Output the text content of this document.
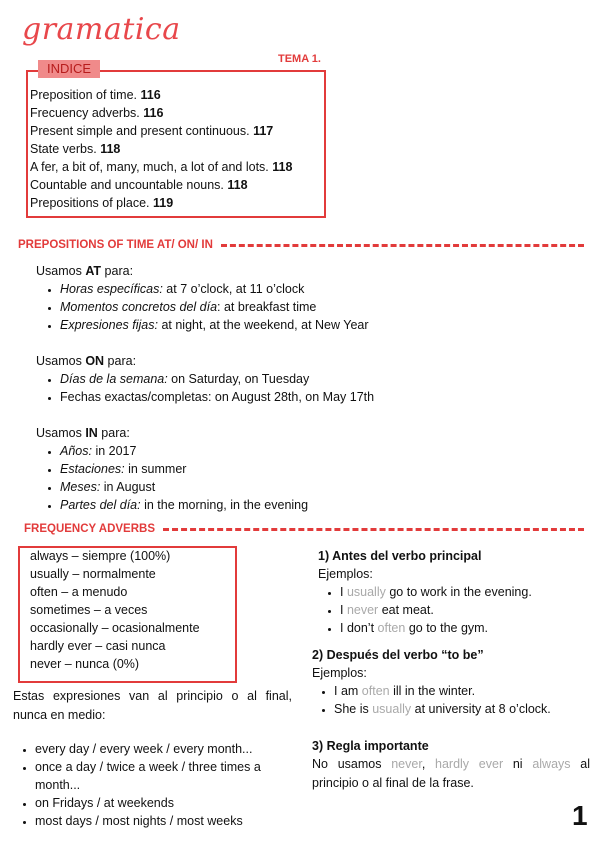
gramatica
TEMA 1.
INDICE
Preposition of time. 116
Frecuency adverbs. 116
Present simple and present continuous. 117
State verbs. 118
A fer, a bit of, many, much, a lot of and lots. 118
Countable and uncountable nouns. 118
Prepositions of place. 119
PREPOSITIONS OF TIME AT/ ON/ IN

Usamos AT para:

• Horas específicas: at 7 o’clock, at 11 o’clock
• Momentos concretos del día: at breakfast time
• Expresiones fijas: at night, at the weekend, at New Year

Usamos ON para:

• Días de la semana: on Saturday, on Tuesday
• Fechas exactas/completas: on August 28th, on May 17th

Usamos IN para:

• Años: in 2017
• Estaciones: in summer
• Meses: in August
• Partes del día: in the morning, in the evening
FREQUENCY ADVERBS
always – siempre (100%)
usually – normalmente
often – a menudo
sometimes – a veces
occasionally – ocasionalmente
hardly ever – casi nunca
never – nunca (0%)
Estas expresiones van al principio o al final, nunca en medio:
• every day / every week / every month...
• once a day / twice a week / three times a month...
• on Fridays / at weekends
• most days / most nights / most weeks

1) Antes del verbo principal

Ejemplos:

• I usually go to work in the evening.
• I never eat meat.
• I don’t often go to the gym.

2) Después del verbo “to be”

Ejemplos:

• I am often ill in the winter.
• She is usually at university at 8 o’clock.

3) Regla importante

No usamos never, hardly ever ni always al principio o al final de la frase.
1
